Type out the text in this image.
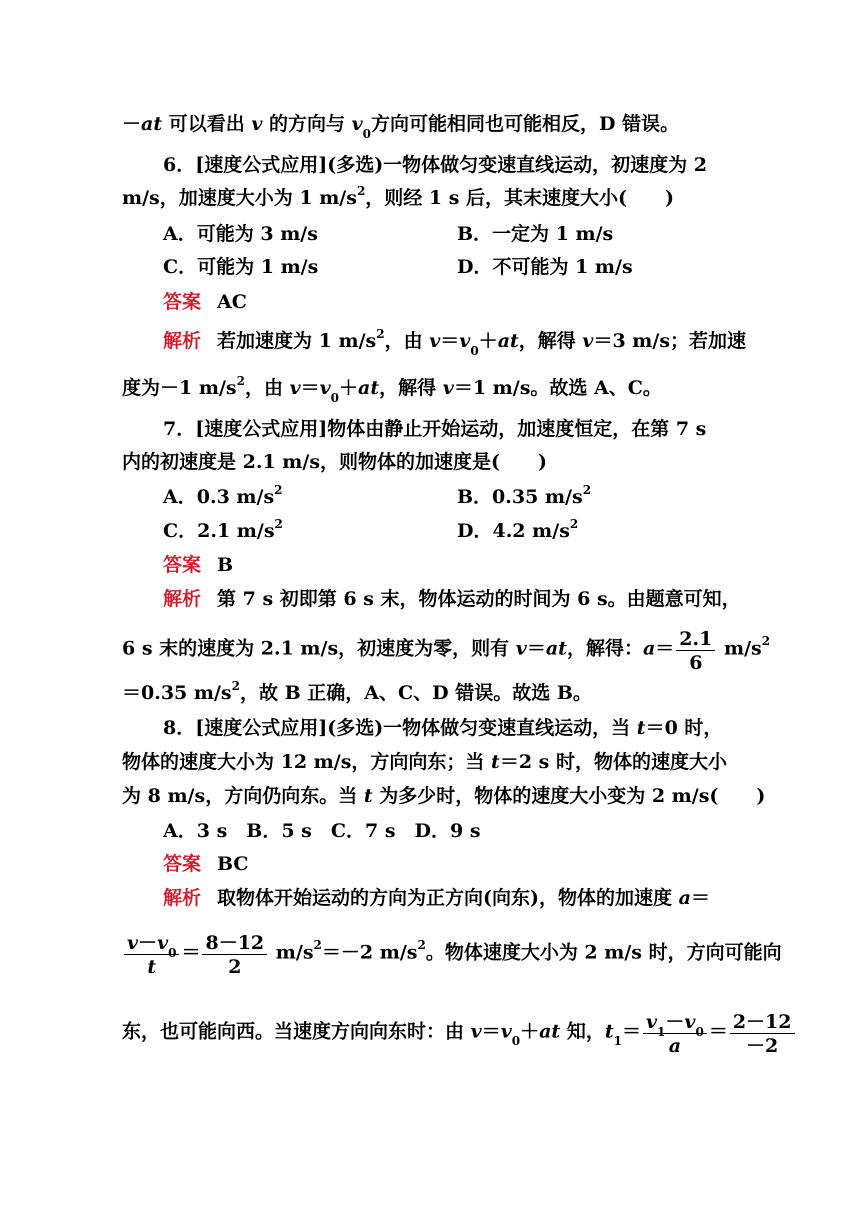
－at 可以看出 v 的方向与 $v_0$方向可能相同也可能相反，D 错误。
6．[速度公式应用](多选)一物体做匀变速直线运动，初速度为 2
m/s，加速度大小为 1 $m/s^2$，则经 1 s 后，其末速度大小(　　)
A．可能为 3 m/s	B．一定为 1 m/s
C．可能为 1 m/s	D．不可能为 1 m/s
答案 AC
解析 若加速度为 1 $m/s^2$，由 $v=v_0+at$，解得 v＝3 m/s；若加速
度为－1 $m/s^2$，由 $v=v_0+at$，解得 v＝1 m/s。故选 A、C。
7．[速度公式应用]物体由静止开始运动，加速度恒定，在第 7 s
内的初速度是 2.1 m/s，则物体的加速度是(　　)
A．0.3 $m/s^2$	B．0.35 $m/s^2$
C．2.1 $m/s^2$	D．4.2 $m/s^2$
答案 B
解析 第 7 s 初即第 6 s 末，物体运动的时间为 6 s。由题意可知，
6 s 末的速度为 2.1 m/s，初速度为零，则有 v＝at，解得：$a= \frac{2.1}{6} m/s^2$
＝0.35 $m/s^2$，故 B 正确，A、C、D 错误。故选 B。
8．[速度公式应用](多选)一物体做匀变速直线运动，当 t＝0 时，
物体的速度大小为 12 m/s，方向向东；当 t＝2 s 时，物体的速度大小
为 8 m/s，方向仍向东。当 t 为多少时，物体的速度大小变为 2 m/s(　　)
A．3 s　B．5 s　C．7 s　D．9 s
答案 BC
解析 取物体开始运动的方向为正方向(向东)，物体的加速度 a＝
$\frac{v-v_0}{t} = \frac{8-12}{2} m/s^2=-2$ $m/s^2$。物体速度大小为 2 m/s 时，方向可能向
东，也可能向西。当速度方向向东时：由 $v=v_0+at$ 知，$t_1= \frac{v_1-v_0}{a} = \frac{2-12}{-2}$
